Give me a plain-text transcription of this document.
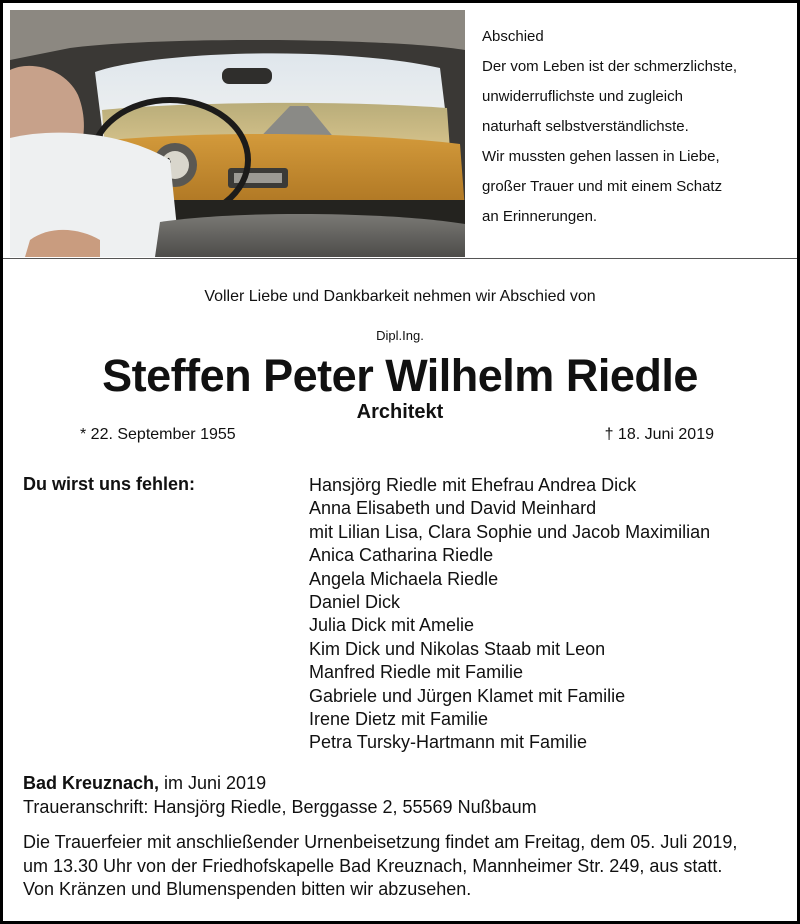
Abschied
Der vom Leben ist der schmerzlichste,
unwiderruflichste und zugleich
naturhaft selbstverständlichste.
Wir mussten gehen lassen in Liebe,
großer Trauer und mit einem Schatz
an Erinnerungen.
Voller Liebe und Dankbarkeit nehmen wir Abschied von
Dipl.Ing.
Steffen Peter Wilhelm Riedle
Architekt
* 22. September 1955	† 18. Juni 2019
Du wirst uns fehlen:	Hansjörg Riedle mit Ehefrau Andrea Dick
Anna Elisabeth und David Meinhard
mit Lilian Lisa, Clara Sophie und Jacob Maximilian
Anica Catharina Riedle
Angela Michaela Riedle
Daniel Dick
Julia Dick mit Amelie
Kim Dick und Nikolas Staab mit Leon
Manfred Riedle mit Familie
Gabriele und Jürgen Klamet mit Familie
Irene Dietz mit Familie
Petra Tursky-Hartmann mit Familie
Bad Kreuznach, im Juni 2019
Traueranschrift: Hansjörg Riedle, Berggasse 2, 55569 Nußbaum
Die Trauerfeier mit anschließender Urnenbeisetzung findet am Freitag, dem 05. Juli 2019,
um 13.30 Uhr von der Friedhofskapelle Bad Kreuznach, Mannheimer Str. 249, aus statt.
Von Kränzen und Blumenspenden bitten wir abzusehen.
